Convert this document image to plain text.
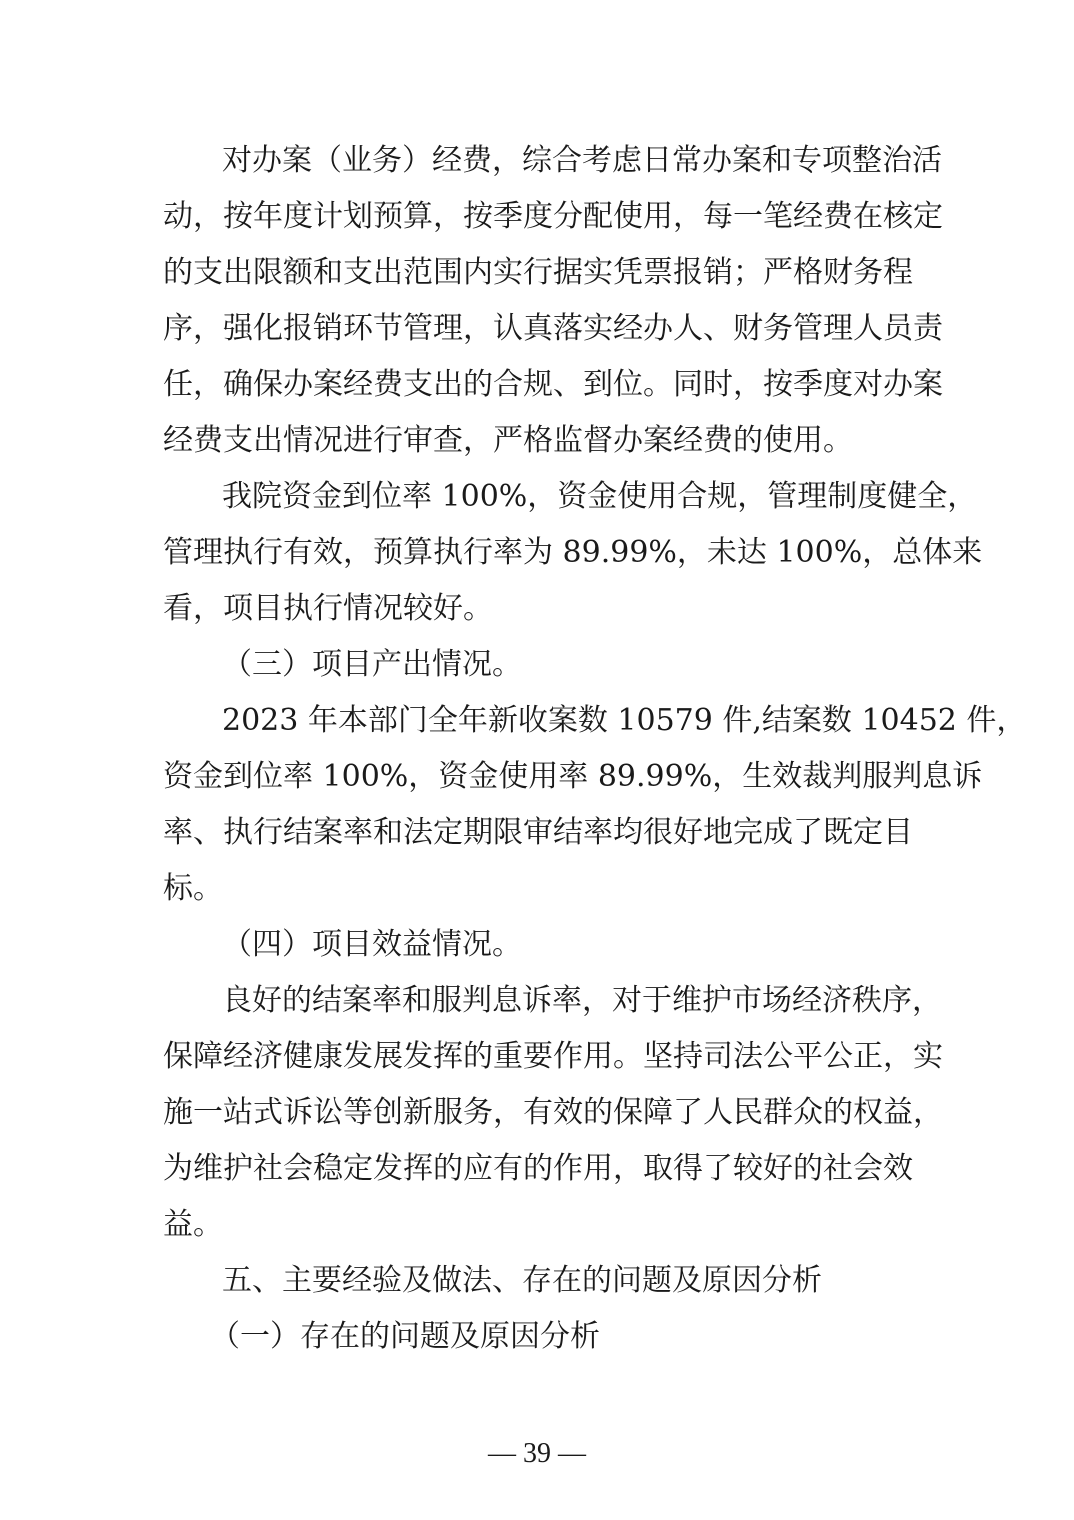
对办案（业务）经费，综合考虑日常办案和专项整治活
动，按年度计划预算，按季度分配使用，每一笔经费在核定
的支出限额和支出范围内实行据实凭票报销；严格财务程
序，强化报销环节管理，认真落实经办人、财务管理人员责
任，确保办案经费支出的合规、到位。同时，按季度对办案
经费支出情况进行审查，严格监督办案经费的使用。
我院资金到位率 100%，资金使用合规，管理制度健全，
管理执行有效，预算执行率为 89.99%，未达 100%，总体来
看，项目执行情况较好。
（三）项目产出情况。
2023 年本部门全年新收案数 10579 件,结案数 10452 件，
资金到位率 100%，资金使用率 89.99%，生效裁判服判息诉
率、执行结案率和法定期限审结率均很好地完成了既定目
标。
（四）项目效益情况。
良好的结案率和服判息诉率，对于维护市场经济秩序，
保障经济健康发展发挥的重要作用。坚持司法公平公正，实
施一站式诉讼等创新服务，有效的保障了人民群众的权益，
为维护社会稳定发挥的应有的作用，取得了较好的社会效
益。
五、主要经验及做法、存在的问题及原因分析
（一）存在的问题及原因分析
— 39 —
